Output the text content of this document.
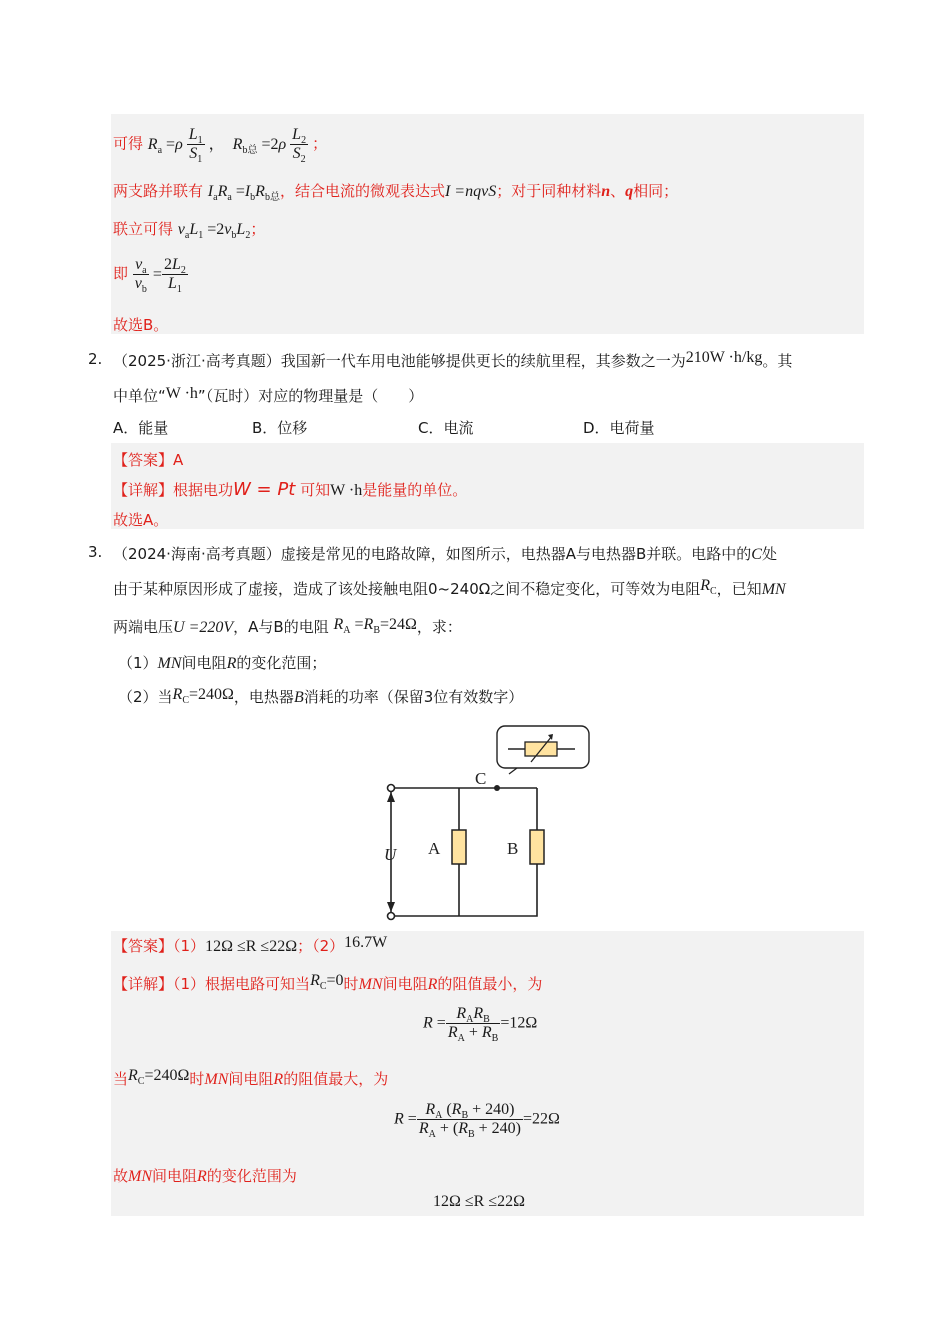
可得 $R_a =\rho \frac{L_1}{S_1}$ ，  $R_{b总} =2\rho \frac{L_2}{S_2}$ ；
两支路并联有 $I_aR_a =I_bR_{b总}$，结合电流的微观表达式I =nqvS；对于同种材料n、q相同；
联立可得 $v_aL_1 =2v_bL_2$；
即 $\frac{v_a}{v_b} = \frac{2L_2}{L_1}$
故选B。
2. （2025·浙江·高考真题）我国新一代车用电池能够提供更长的续航里程，其参数之一为210W ·h/kg。其
中单位“W ·h”（瓦时）对应的物理量是（　　）
A．能量	B．位移	C．电流	D．电荷量
【答案】A
【详解】根据电功W = Pt 可知W ·h是能量的单位。
故选A。
3. （2024·海南·高考真题）虚接是常见的电路故障，如图所示，电热器A与电热器B并联。电路中的C处
由于某种原因形成了虚接，造成了该处接触电阻0~240Ω之间不稳定变化，可等效为电阻$R_C$，已知MN
两端电压U =220V，A与B的电阻 $R_A =R_B=24\Omega$，求：
（1）MN间电阻R的变化范围；
（2）当$R_C=240\Omega$，电热器B消耗的功率（保留3位有效数字）
C
A	B
U
【答案】（1）12Ω ≤R ≤22Ω；（2）16.7W
【详解】（1）根据电路可知当$R_C=0$时MN间电阻R的阻值最小，为
$R = \frac{R_AR_B}{R_A + R_B} =12\Omega$
当$R_C=240\Omega$时MN间电阻R的阻值最大，为
$R = \frac{R_A (R_B + 240)}{R_A + (R_B + 240)} =22\Omega$
故MN间电阻R的变化范围为
12Ω ≤R ≤22Ω
